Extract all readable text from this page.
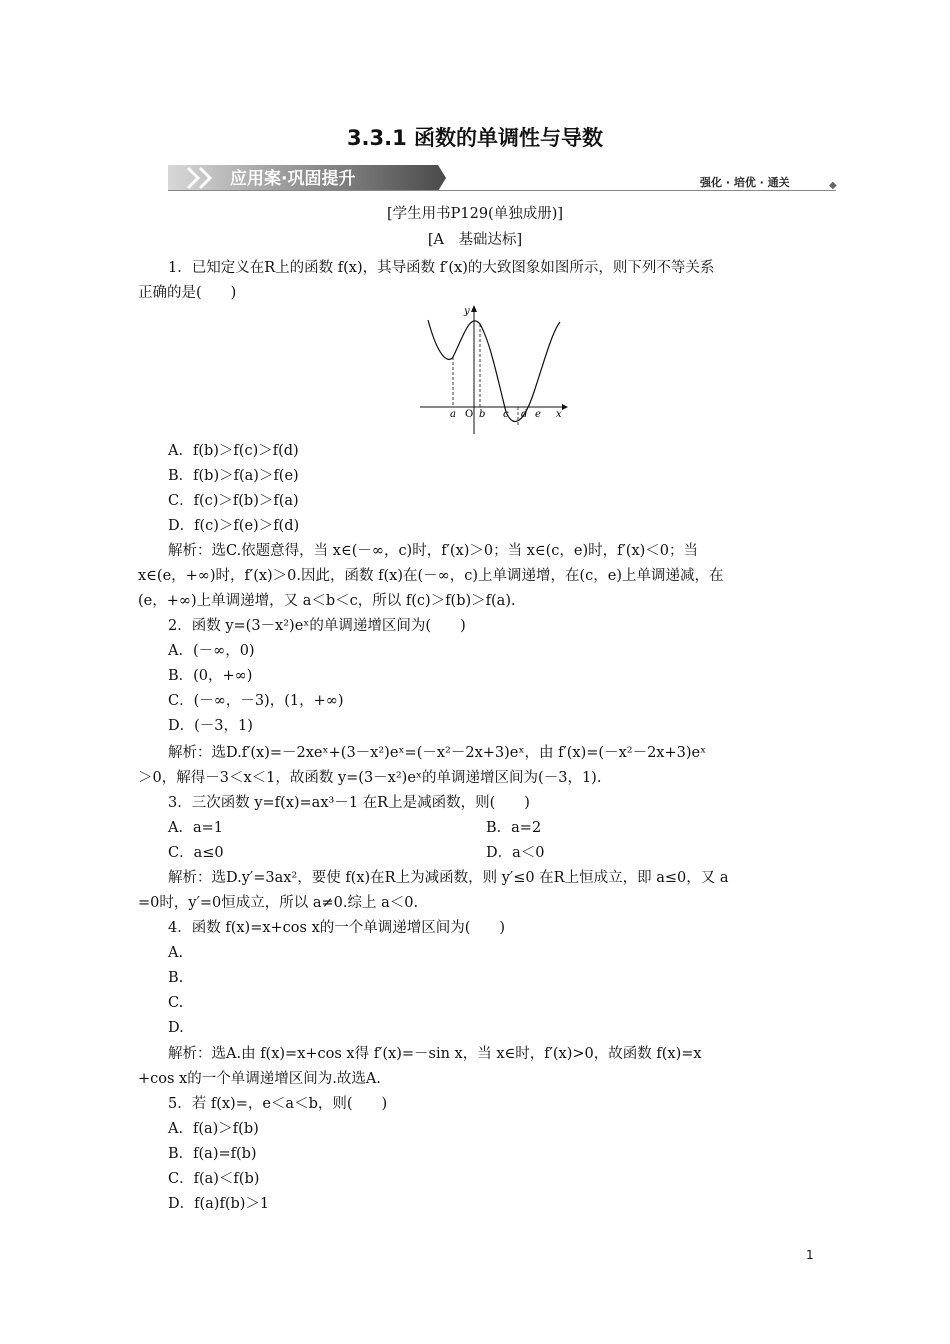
3.3.1 函数的单调性与导数
应用案·巩固提升	强化 · 培优 · 通关	◆
[学生用书P129(单独成册)]
[A　基础达标]
1．已知定义在R上的函数 f(x)，其导函数 f′(x)的大致图象如图所示，则下列不等关系
正确的是(　　)
y
x
a O b c d e
A．f(b)＞f(c)＞f(d)
B．f(b)＞f(a)＞f(e)
C．f(c)＞f(b)＞f(a)
D．f(c)＞f(e)＞f(d)
解析：选C.依题意得，当 x∈(－∞，c)时，f′(x)＞0；当 x∈(c，e)时，f′(x)＜0；当
x∈(e，+∞)时，f′(x)＞0.因此，函数 f(x)在(－∞，c)上单调递增，在(c，e)上单调递减，在
(e，+∞)上单调递增，又 a＜b＜c，所以 f(c)＞f(b)＞f(a).
2．函数 y=(3－x²)eˣ的单调递增区间为(　　)
A．(－∞，0)
B．(0，+∞)
C．(－∞，－3)，(1，+∞)
D．(－3，1)
解析：选D.f′(x)=－2xeˣ+(3－x²)eˣ=(－x²－2x+3)eˣ，由 f′(x)=(－x²－2x+3)eˣ
＞0，解得－3＜x＜1，故函数 y=(3－x²)eˣ的单调递增区间为(－3，1).
3．三次函数 y=f(x)=ax³－1 在R上是减函数，则(　　)
A．a=1	B．a=2
C．a≤0	D．a＜0
解析：选D.y′=3ax²，要使 f(x)在R上为减函数，则 y′≤0 在R上恒成立，即 a≤0，又 a
=0时，y′=0恒成立，所以 a≠0.综上 a＜0.
4．函数 f(x)=x+cos x的一个单调递增区间为(　　)
A.
B.
C.
D.
解析：选A.由 f(x)=x+cos x得 f′(x)=－sin x，当 x∈时，f′(x)>0，故函数 f(x)=x
+cos x的一个单调递增区间为.故选A.
5．若 f(x)=，e＜a＜b，则(　　)
A．f(a)＞f(b)
B．f(a)=f(b)
C．f(a)＜f(b)
D．f(a)f(b)＞1
1
